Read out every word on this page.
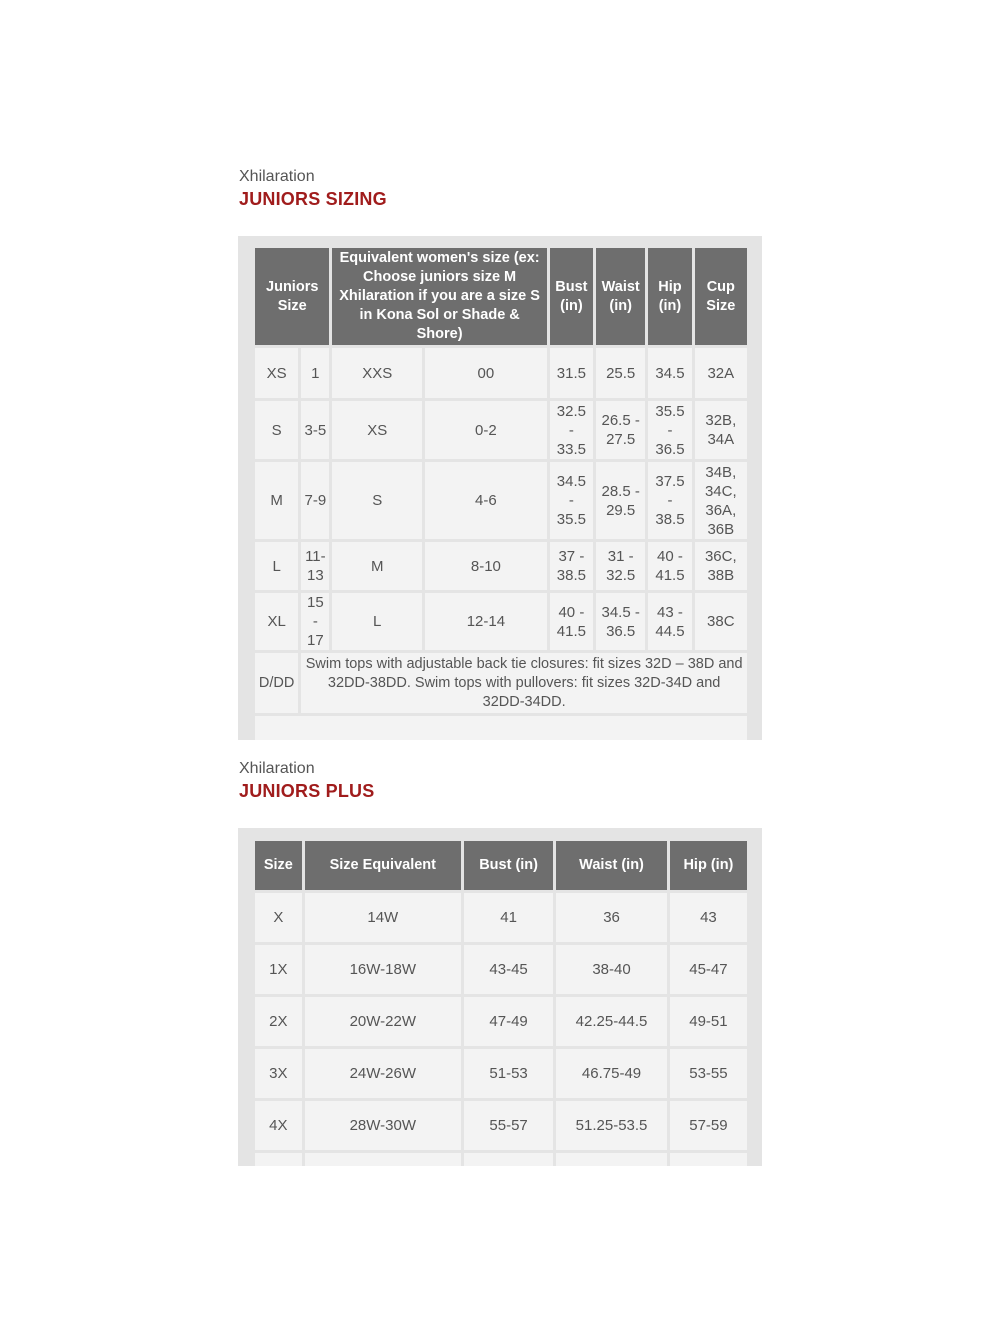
Xhilaration
JUNIORS SIZING
Juniors Size		Equivalent women's size (ex: Choose juniors size M Xhilaration if you are a size S in Kona Sol or Shade & Shore)		Bust (in)	Waist (in)	Hip (in)	Cup Size
XS	1	XXS	00	31.5	25.5	34.5	32A
S	3-5	XS	0-2	32.5 - 33.5	26.5 - 27.5	35.5 - 36.5	32B, 34A
M	7-9	S	4-6	34.5 - 35.5	28.5 - 29.5	37.5 - 38.5	34B, 34C, 36A, 36B
L	11-13	M	8-10	37 - 38.5	31 - 32.5	40 - 41.5	36C, 38B
XL	15 - 17	L	12-14	40 - 41.5	34.5 - 36.5	43 - 44.5	38C
D/DD	Swim tops with adjustable back tie closures: fit sizes 32D – 38D and 32DD-38DD. Swim tops with pullovers: fit sizes 32D-34D and 32DD-34DD.						

Xhilaration
JUNIORS PLUS
Size	Size Equivalent	Bust (in)	Waist (in)	Hip (in)
X	14W	41	36	43
1X	16W-18W	43-45	38-40	45-47
2X	20W-22W	47-49	42.25-44.5	49-51
3X	24W-26W	51-53	46.75-49	53-55
4X	28W-30W	55-57	51.25-53.5	57-59
